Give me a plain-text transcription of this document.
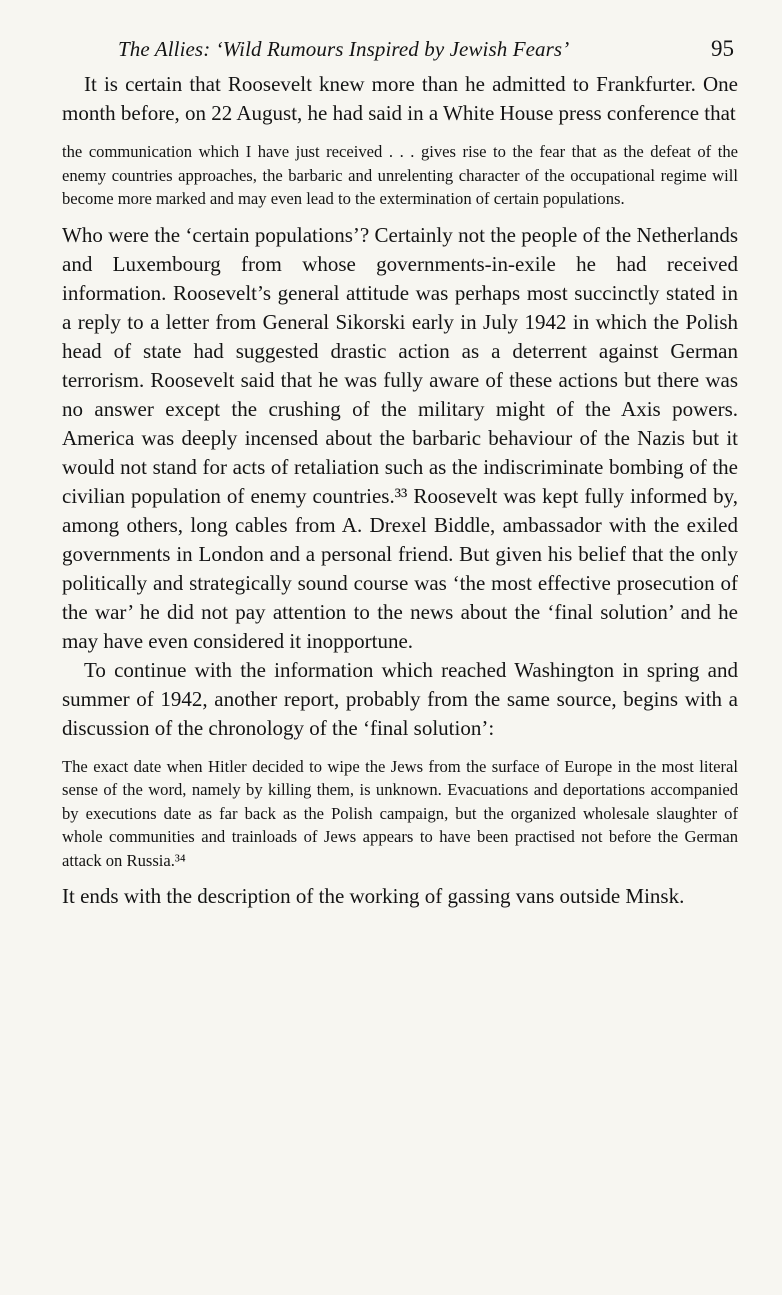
The Allies: ‘Wild Rumours Inspired by Jewish Fears’	95

It is certain that Roosevelt knew more than he admitted to Frankfurter. One month before, on 22 August, he had said in a White House press conference that

the communication which I have just received . . . gives rise to the fear that as the defeat of the enemy countries approaches, the barbaric and unrelenting character of the occupational regime will become more marked and may even lead to the extermination of certain populations.

Who were the ‘certain populations’? Certainly not the people of the Netherlands and Luxembourg from whose governments-in-exile he had received information. Roosevelt’s general attitude was perhaps most succinctly stated in a reply to a letter from General Sikorski early in July 1942 in which the Polish head of state had suggested drastic action as a deterrent against German terrorism. Roosevelt said that he was fully aware of these actions but there was no answer except the crushing of the military might of the Axis powers. America was deeply incensed about the barbaric behaviour of the Nazis but it would not stand for acts of retaliation such as the indiscriminate bombing of the civilian population of enemy countries.³³ Roosevelt was kept fully informed by, among others, long cables from A. Drexel Biddle, ambassador with the exiled governments in London and a personal friend. But given his belief that the only politically and strategically sound course was ‘the most effective prosecution of the war’ he did not pay attention to the news about the ‘final solution’ and he may have even considered it inopportune.

To continue with the information which reached Washington in spring and summer of 1942, another report, probably from the same source, begins with a discussion of the chronology of the ‘final solution’:

The exact date when Hitler decided to wipe the Jews from the surface of Europe in the most literal sense of the word, namely by killing them, is unknown. Evacuations and deportations accompanied by executions date as far back as the Polish campaign, but the organized wholesale slaughter of whole communities and trainloads of Jews appears to have been practised not before the German attack on Russia.³⁴

It ends with the description of the working of gassing vans outside Minsk.
